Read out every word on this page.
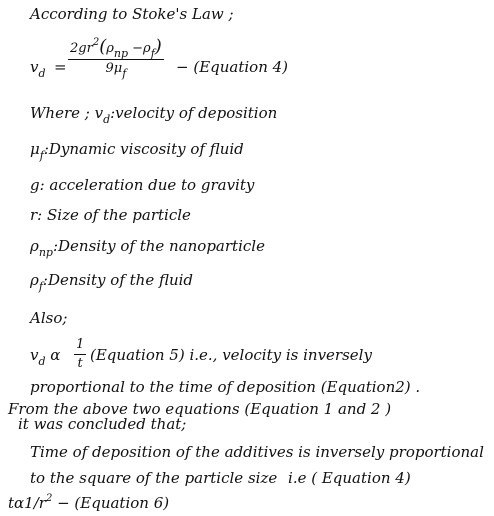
According to Stoke's Law ;
$v_d$ =
$2gr^2(\rho_{np} -\rho_f)$
$9\mu_f$	− (Equation 4)
Where ; $v_d:velocity$ of deposition
$\mu_f:Dynamic$ viscosity of fluid
g: acceleration due to gravity
r: Size of the particle
$\rho_{np}:Density$ of the nanoparticle
$\rho_f:Density$ of the fluid
Also;
$v_d$ α $\frac{1}{t}$ (Equation 5) i.e., velocity is inversely
proportional to the time of deposition (Equation2) .
From the above two equations (Equation 1 and 2 )
it was concluded that;
Time of deposition of the additives is inversely proportional
to the square of the particle size i.e ( Equation 4)
$t\alpha 1/r^2$ − (Equation 6)
